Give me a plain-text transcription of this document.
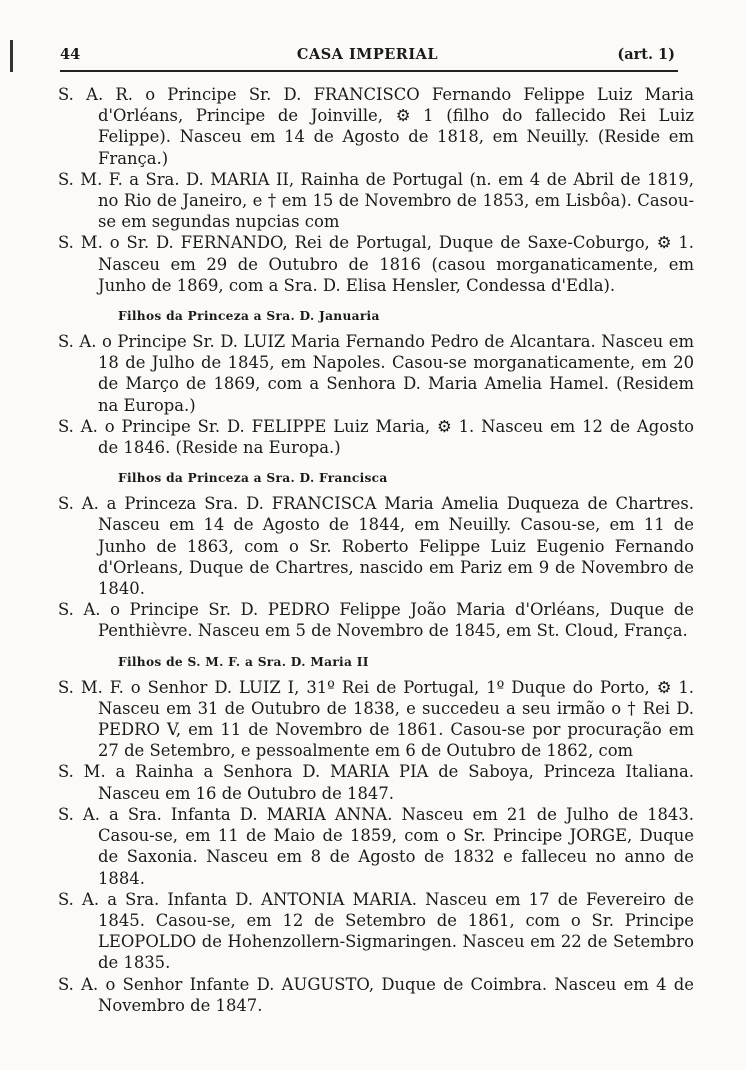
44	CASA IMPERIAL	(art. 1)

S. A. R. o Principe Sr. D. FRANCISCO Fernando Felippe Luiz Maria d'Orléans, Principe de Joinville, ⚙ 1 (filho do fallecido Rei Luiz Felippe). Nasceu em 14 de Agosto de 1818, em Neuilly. (Reside em França.)

S. M. F. a Sra. D. MARIA II, Rainha de Portugal (n. em 4 de Abril de 1819, no Rio de Janeiro, e † em 15 de Novembro de 1853, em Lisbôa). Casou-se em segundas nupcias com

S. M. o Sr. D. FERNANDO, Rei de Portugal, Duque de Saxe-Coburgo, ⚙ 1. Nasceu em 29 de Outubro de 1816 (casou morganaticamente, em Junho de 1869, com a Sra. D. Elisa Hensler, Condessa d'Edla).

Filhos da Princeza a Sra. D. Januaria

S. A. o Principe Sr. D. LUIZ Maria Fernando Pedro de Alcantara. Nasceu em 18 de Julho de 1845, em Napoles. Casou-se morganaticamente, em 20 de Março de 1869, com a Senhora D. Maria Amelia Hamel. (Residem na Europa.)

S. A. o Principe Sr. D. FELIPPE Luiz Maria, ⚙ 1. Nasceu em 12 de Agosto de 1846. (Reside na Europa.)

Filhos da Princeza a Sra. D. Francisca

S. A. a Princeza Sra. D. FRANCISCA Maria Amelia Duqueza de Chartres. Nasceu em 14 de Agosto de 1844, em Neuilly. Casou-se, em 11 de Junho de 1863, com o Sr. Roberto Felippe Luiz Eugenio Fernando d'Orleans, Duque de Chartres, nascido em Pariz em 9 de Novembro de 1840.

S. A. o Principe Sr. D. PEDRO Felippe João Maria d'Orléans, Duque de Penthièvre. Nasceu em 5 de Novembro de 1845, em St. Cloud, França.

Filhos de S. M. F. a Sra. D. Maria II

S. M. F. o Senhor D. LUIZ I, 31º Rei de Portugal, 1º Duque do Porto, ⚙ 1. Nasceu em 31 de Outubro de 1838, e succedeu a seu irmão o † Rei D. PEDRO V, em 11 de Novembro de 1861. Casou-se por procuração em 27 de Setembro, e pessoalmente em 6 de Outubro de 1862, com

S. M. a Rainha a Senhora D. MARIA PIA de Saboya, Princeza Italiana. Nasceu em 16 de Outubro de 1847.

S. A. a Sra. Infanta D. MARIA ANNA. Nasceu em 21 de Julho de 1843. Casou-se, em 11 de Maio de 1859, com o Sr. Principe JORGE, Duque de Saxonia. Nasceu em 8 de Agosto de 1832 e falleceu no anno de 1884.

S. A. a Sra. Infanta D. ANTONIA MARIA. Nasceu em 17 de Fevereiro de 1845. Casou-se, em 12 de Setembro de 1861, com o Sr. Principe LEOPOLDO de Hohenzollern-Sigmaringen. Nasceu em 22 de Setembro de 1835.

S. A. o Senhor Infante D. AUGUSTO, Duque de Coimbra. Nasceu em 4 de Novembro de 1847.
